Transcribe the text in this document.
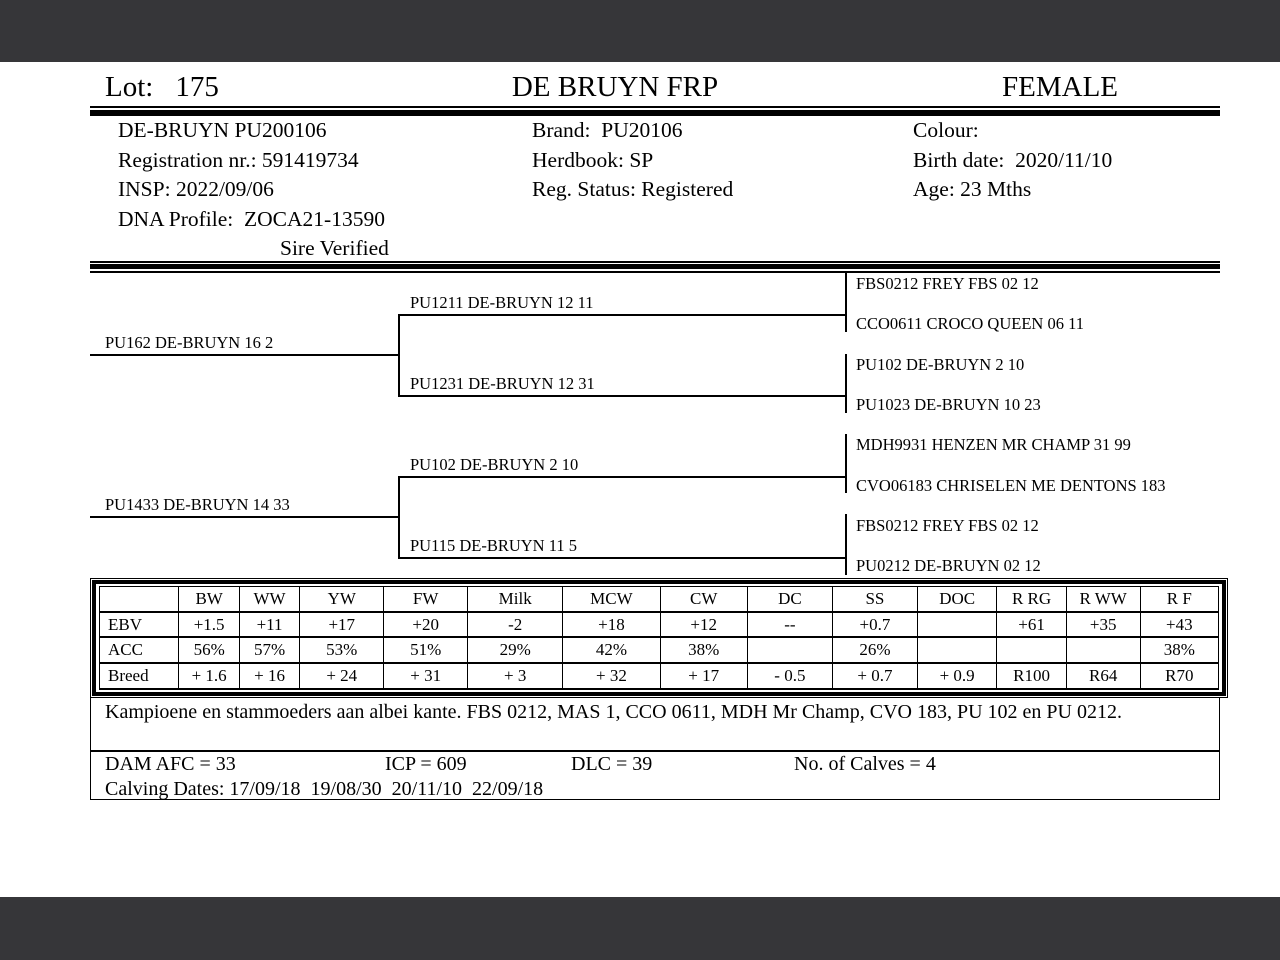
Lot: 175	DE BRUYN FRP	FEMALE
DE-BRUYN PU200106
Registration nr.: 591419734
INSP: 2022/09/06
DNA Profile:  ZOCA21-13590
Sire Verified
Brand:  PU20106
Herdbook: SP
Reg. Status: Registered
Colour:
Birth date:  2020/11/10
Age: 23 Mths
PU162 DE-BRUYN 16 2
PU1433 DE-BRUYN 14 33
PU1211 DE-BRUYN 12 11
PU1231 DE-BRUYN 12 31
PU102 DE-BRUYN 2 10
PU115 DE-BRUYN 11 5
FBS0212 FREY FBS 02 12
CCO0611 CROCO QUEEN 06 11
PU102 DE-BRUYN 2 10
PU1023 DE-BRUYN 10 23
MDH9931 HENZEN MR CHAMP 31 99
CVO06183 CHRISELEN ME DENTONS 183
FBS0212 FREY FBS 02 12
PU0212 DE-BRUYN 02 12
	BW	WW	YW	FW	Milk	MCW	CW	DC	SS	DOC	R RG	R WW	R F
EBV	+1.5	+11	+17	+20	-2	+18	+12	--	+0.7		+61	+35	+43
ACC	56%	57%	53%	51%	29%	42%	38%		26%				38%
Breed	+ 1.6	+ 16	+ 24	+ 31	+ 3	+ 32	+ 17	- 0.5	+ 0.7	+ 0.9	R100	R64	R70
Kampioene en stammoeders aan albei kante. FBS 0212, MAS 1, CCO 0611, MDH Mr Champ, CVO 183, PU 102 en PU 0212.
DAM AFC = 33	ICP = 609	DLC = 39	No. of Calves = 4
Calving Dates: 17/09/18  19/08/30  20/11/10  22/09/18
